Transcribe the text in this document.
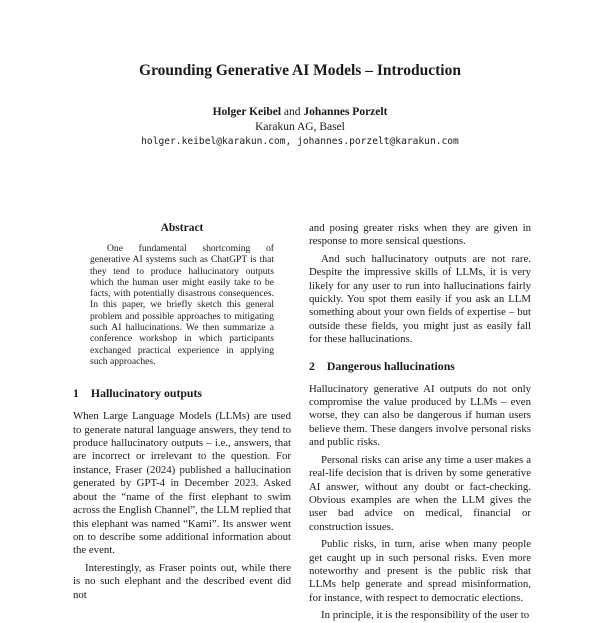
Grounding Generative AI Models – Introduction
Holger Keibel and Johannes Porzelt
Karakun AG, Basel
holger.keibel@karakun.com, johannes.porzelt@karakun.com
Abstract
One fundamental shortcoming of generative AI systems such as ChatGPT is that they tend to produce hallucinatory outputs which the human user might easily take to be facts, with potentially disastrous consequences. In this paper, we briefly sketch this general problem and possible approaches to mitigating such AI hallucinations. We then summarize a conference workshop in which participants exchanged practical experience in applying such approaches.
1 Hallucinatory outputs

When Large Language Models (LLMs) are used to generate natural language answers, they tend to produce hallucinatory outputs – i.e., answers, that are incorrect or irrelevant to the question. For instance, Fraser (2024) published a hallucination generated by GPT-4 in December 2023. Asked about the “name of the first elephant to swim across the English Channel”, the LLM replied that this elephant was named “Kami”. Its answer went on to describe some additional information about the event.

Interestingly, as Fraser points out, while there is no such elephant and the described event did not

and posing greater risks when they are given in response to more sensical questions.

And such hallucinatory outputs are not rare. Despite the impressive skills of LLMs, it is very likely for any user to run into hallucinations fairly quickly. You spot them easily if you ask an LLM something about your own fields of expertise – but outside these fields, you might just as easily fall for these hallucinations.

2 Dangerous hallucinations

Hallucinatory generative AI outputs do not only compromise the value produced by LLMs – even worse, they can also be dangerous if human users believe them. These dangers involve personal risks and public risks.

Personal risks can arise any time a user makes a real-life decision that is driven by some generative AI answer, without any doubt or fact-checking. Obvious examples are when the LLM gives the user bad advice on medical, financial or construction issues.

Public risks, in turn, arise when many people get caught up in such personal risks. Even more noteworthy and present is the public risk that LLMs help generate and spread misinformation, for instance, with respect to democratic elections.

In principle, it is the responsibility of the user to
